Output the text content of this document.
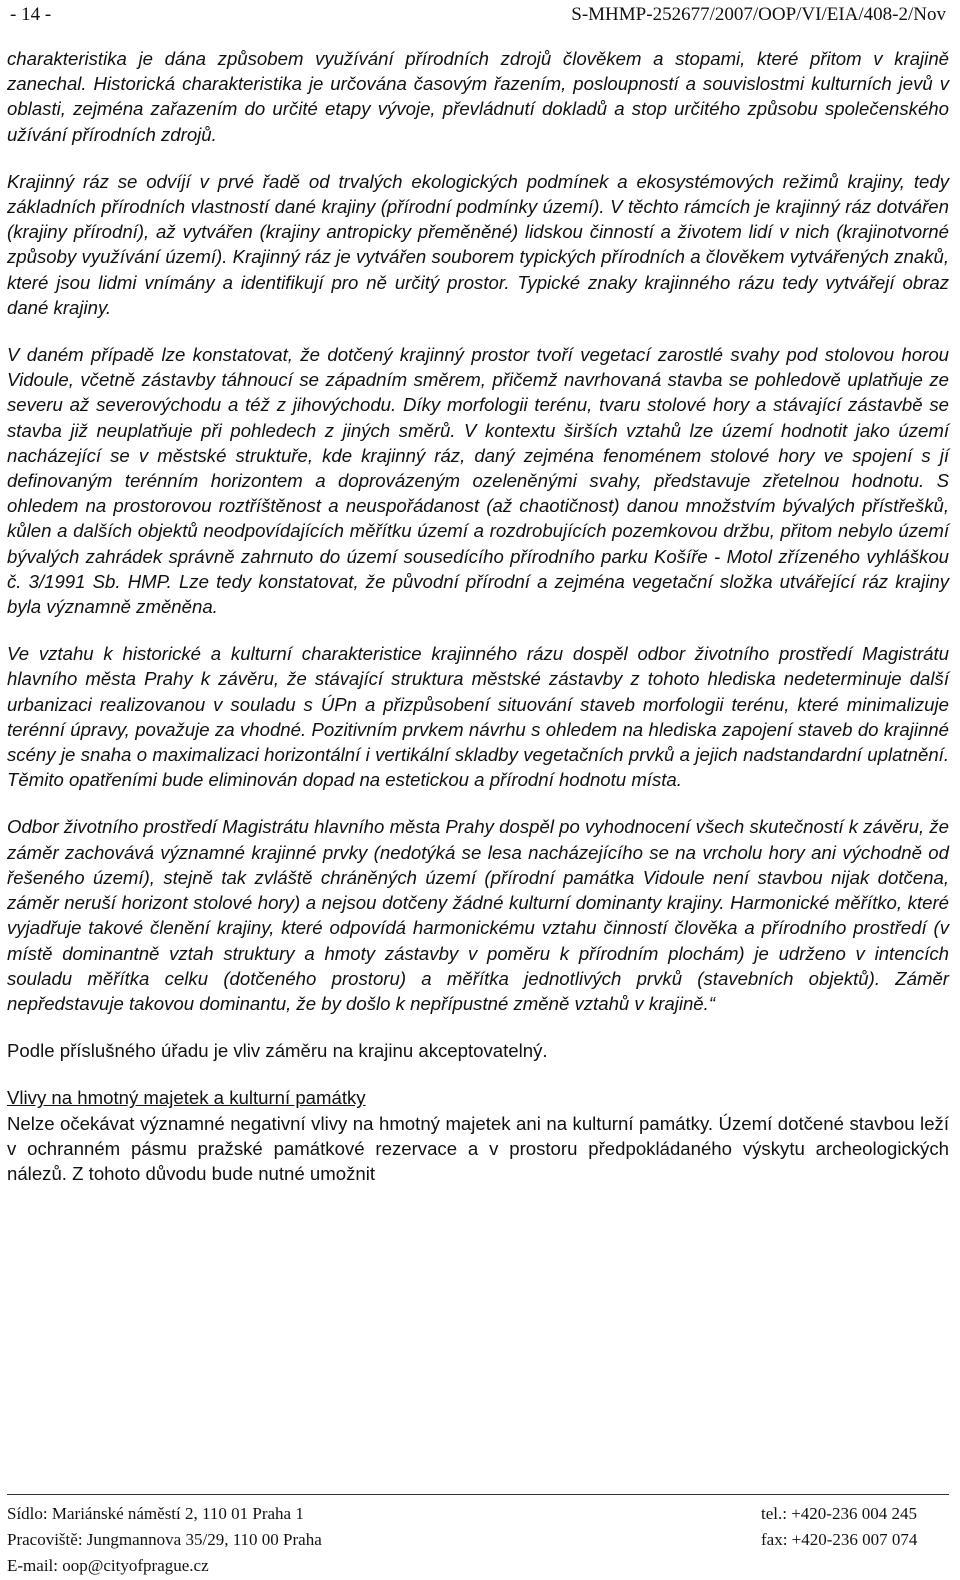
- 14 -	S-MHMP-252677/2007/OOP/VI/EIA/408-2/Nov

charakteristika je dána způsobem využívání přírodních zdrojů člověkem a stopami, které přitom v krajině zanechal. Historická charakteristika je určována časovým řazením, posloupností a souvislostmi kulturních jevů v oblasti, zejména zařazením do určité etapy vývoje, převládnutí dokladů a stop určitého způsobu společenského užívání přírodních zdrojů.

Krajinný ráz se odvíjí v prvé řadě od trvalých ekologických podmínek a ekosystémových režimů krajiny, tedy základních přírodních vlastností dané krajiny (přírodní podmínky území). V těchto rámcích je krajinný ráz dotvářen (krajiny přírodní), až vytvářen (krajiny antropicky přeměněné) lidskou činností a životem lidí v nich (krajinotvorné způsoby využívání území). Krajinný ráz je vytvářen souborem typických přírodních a člověkem vytvářených znaků, které jsou lidmi vnímány a identifikují pro ně určitý prostor. Typické znaky krajinného rázu tedy vytvářejí obraz dané krajiny.

V daném případě lze konstatovat, že dotčený krajinný prostor tvoří vegetací zarostlé svahy pod stolovou horou Vidoule, včetně zástavby táhnoucí se západním směrem, přičemž navrhovaná stavba se pohledově uplatňuje ze severu až severovýchodu a též z jihovýchodu. Díky morfologii terénu, tvaru stolové hory a stávající zástavbě se stavba již neuplatňuje při pohledech z jiných směrů. V kontextu širších vztahů lze území hodnotit jako území nacházející se v městské struktuře, kde krajinný ráz, daný zejména fenoménem stolové hory ve spojení s jí definovaným terénním horizontem a doprovázeným ozeleněnými svahy, představuje zřetelnou hodnotu. S ohledem na prostorovou roztříštěnost a neuspořádanost (až chaotičnost) danou množstvím bývalých přístřešků, kůlen a dalších objektů neodpovídajících měřítku území a rozdrobujících pozemkovou držbu, přitom nebylo území bývalých zahrádek správně zahrnuto do území sousedícího přírodního parku Košíře - Motol zřízeného vyhláškou č. 3/1991 Sb. HMP. Lze tedy konstatovat, že původní přírodní a zejména vegetační složka utvářející ráz krajiny byla významně změněna.

Ve vztahu k historické a kulturní charakteristice krajinného rázu dospěl odbor životního prostředí Magistrátu hlavního města Prahy k závěru, že stávající struktura městské zástavby z tohoto hlediska nedeterminuje další urbanizaci realizovanou v souladu s ÚPn a přizpůsobení situování staveb morfologii terénu, které minimalizuje terénní úpravy, považuje za vhodné. Pozitivním prvkem návrhu s ohledem na hlediska zapojení staveb do krajinné scény je snaha o maximalizaci horizontální i vertikální skladby vegetačních prvků a jejich nadstandardní uplatnění. Těmito opatřeními bude eliminován dopad na estetickou a přírodní hodnotu místa.

Odbor životního prostředí Magistrátu hlavního města Prahy dospěl po vyhodnocení všech skutečností k závěru, že záměr zachovává významné krajinné prvky (nedotýká se lesa nacházejícího se na vrcholu hory ani východně od řešeného území), stejně tak zvláště chráněných území (přírodní památka Vidoule není stavbou nijak dotčena, záměr neruší horizont stolové hory) a nejsou dotčeny žádné kulturní dominanty krajiny. Harmonické měřítko, které vyjadřuje takové členění krajiny, které odpovídá harmonickému vztahu činností člověka a přírodního prostředí (v místě dominantně vztah struktury a hmoty zástavby v poměru k přírodním plochám) je udrženo v intencích souladu měřítka celku (dotčeného prostoru) a měřítka jednotlivých prvků (stavebních objektů). Záměr nepředstavuje takovou dominantu, že by došlo k nepřípustné změně vztahů v krajině.“

Podle příslušného úřadu je vliv záměru na krajinu akceptovatelný.

Vlivy na hmotný majetek a kulturní památky

Nelze očekávat významné negativní vlivy na hmotný majetek ani na kulturní památky. Území dotčené stavbou leží v ochranném pásmu pražské památkové rezervace a v prostoru předpokládaného výskytu archeologických nálezů. Z tohoto důvodu bude nutné umožnit

Sídlo: Mariánské náměstí 2, 110 01 Praha 1
Pracoviště: Jungmannova 35/29, 110 00 Praha
E-mail: oop@cityofprague.cz
tel.: +420-236 004 245
fax: +420-236 007 074
